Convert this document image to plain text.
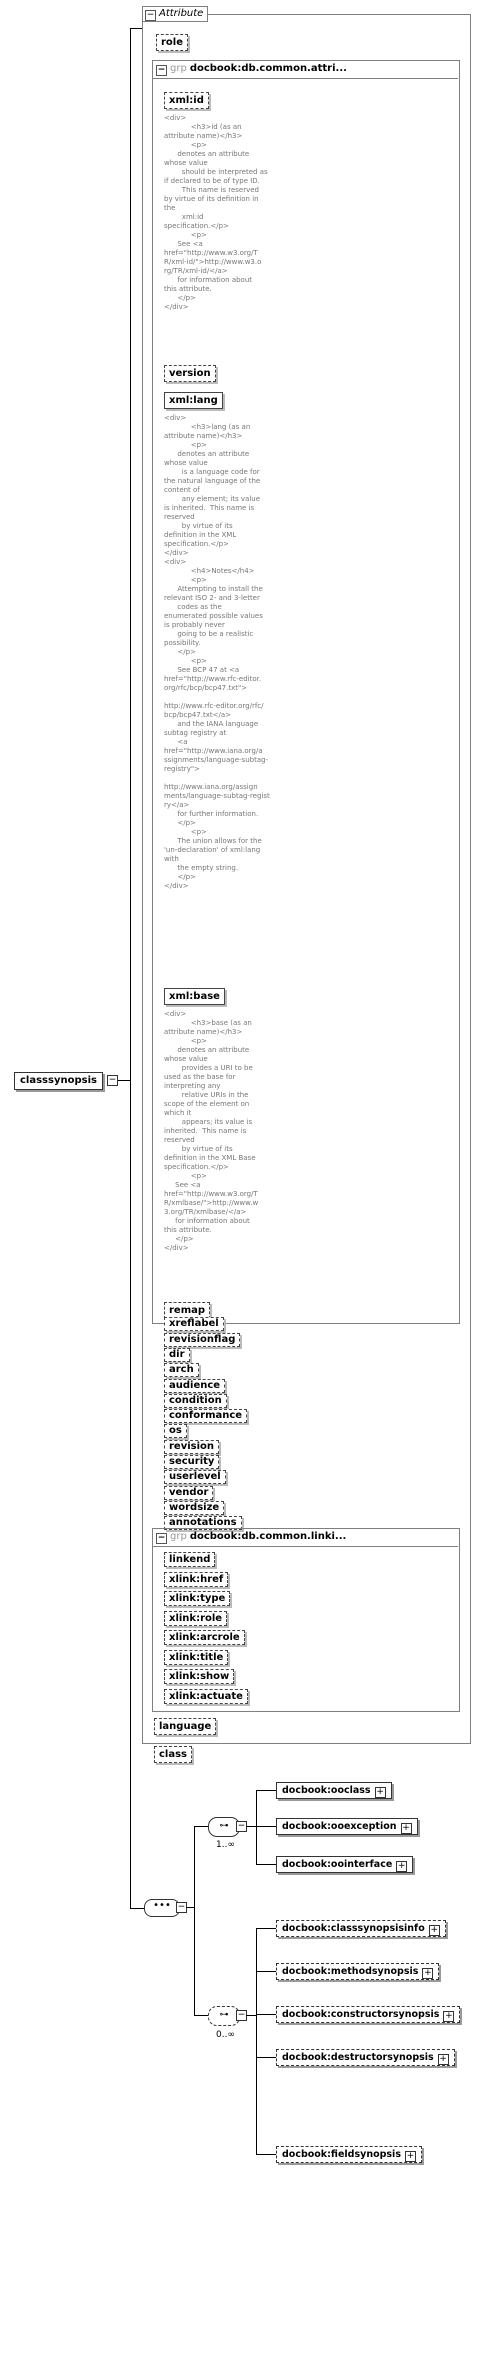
classsynopsis	−
− Attribute
role
− grp docbook:db.common.attri...
xml:id
<div>
<h3>id (as an
attribute name)</h3>
<p>
denotes an attribute
whose value
should be interpreted as
if declared to be of type ID.
This name is reserved
by virtue of its definition in
the
xml:id
specification.</p>
<p>
See <a
href="http://www.w3.org/T
R/xml-id/">http://www.w3.o
rg/TR/xml-id/</a>
for information about
this attribute.
</p>
</div>
version
xml:lang
<div>
<h3>lang (as an
attribute name)</h3>
<p>
denotes an attribute
whose value
is a language code for
the natural language of the
content of
any element; its value
is inherited.  This name is
reserved
by virtue of its
definition in the XML
specification.</p>
</div>
<div>
<h4>Notes</h4>
<p>
Attempting to install the
relevant ISO 2- and 3-letter
codes as the
enumerated possible values
is probably never
going to be a realistic
possibility.
</p>
<p>
See BCP 47 at <a
href="http://www.rfc-editor.
org/rfc/bcp/bcp47.txt">

http://www.rfc-editor.org/rfc/
bcp/bcp47.txt</a>
and the IANA language
subtag registry at
<a
href="http://www.iana.org/a
ssignments/language-subtag-
registry">

http://www.iana.org/assign
ments/language-subtag-regist
ry</a>
for further information.
</p>
<p>
The union allows for the
'un-declaration' of xml:lang
with
the empty string.
</p>
</div>
xml:base
<div>
<h3>base (as an
attribute name)</h3>
<p>
denotes an attribute
whose value
provides a URI to be
used as the base for
interpreting any
relative URIs in the
scope of the element on
which it
appears; its value is
inherited.  This name is
reserved
by virtue of its
definition in the XML Base
specification.</p>
<p>
See <a
href="http://www.w3.org/T
R/xmlbase/">http://www.w
3.org/TR/xmlbase/</a>
for information about
this attribute.
</p>
</div>
remap
xreflabel
revisionflag
dir
arch
audience
condition
conformance
os
revision
security
userlevel
vendor
wordsize
annotations
linkend
xlink:href
xlink:type
xlink:role
xlink:arcrole
xlink:title
xlink:show
xlink:actuate
class
− grp docbook:db.common.linki...
language
••• −
⊶	−
1..∞
⊶	−
0..∞
docbook:ooclass +
docbook:ooexception +
docbook:oointerface +
docbook:classsynopsisinfo +
docbook:methodsynopsis +
docbook:constructorsynopsis +
docbook:destructorsynopsis +
docbook:fieldsynopsis +
